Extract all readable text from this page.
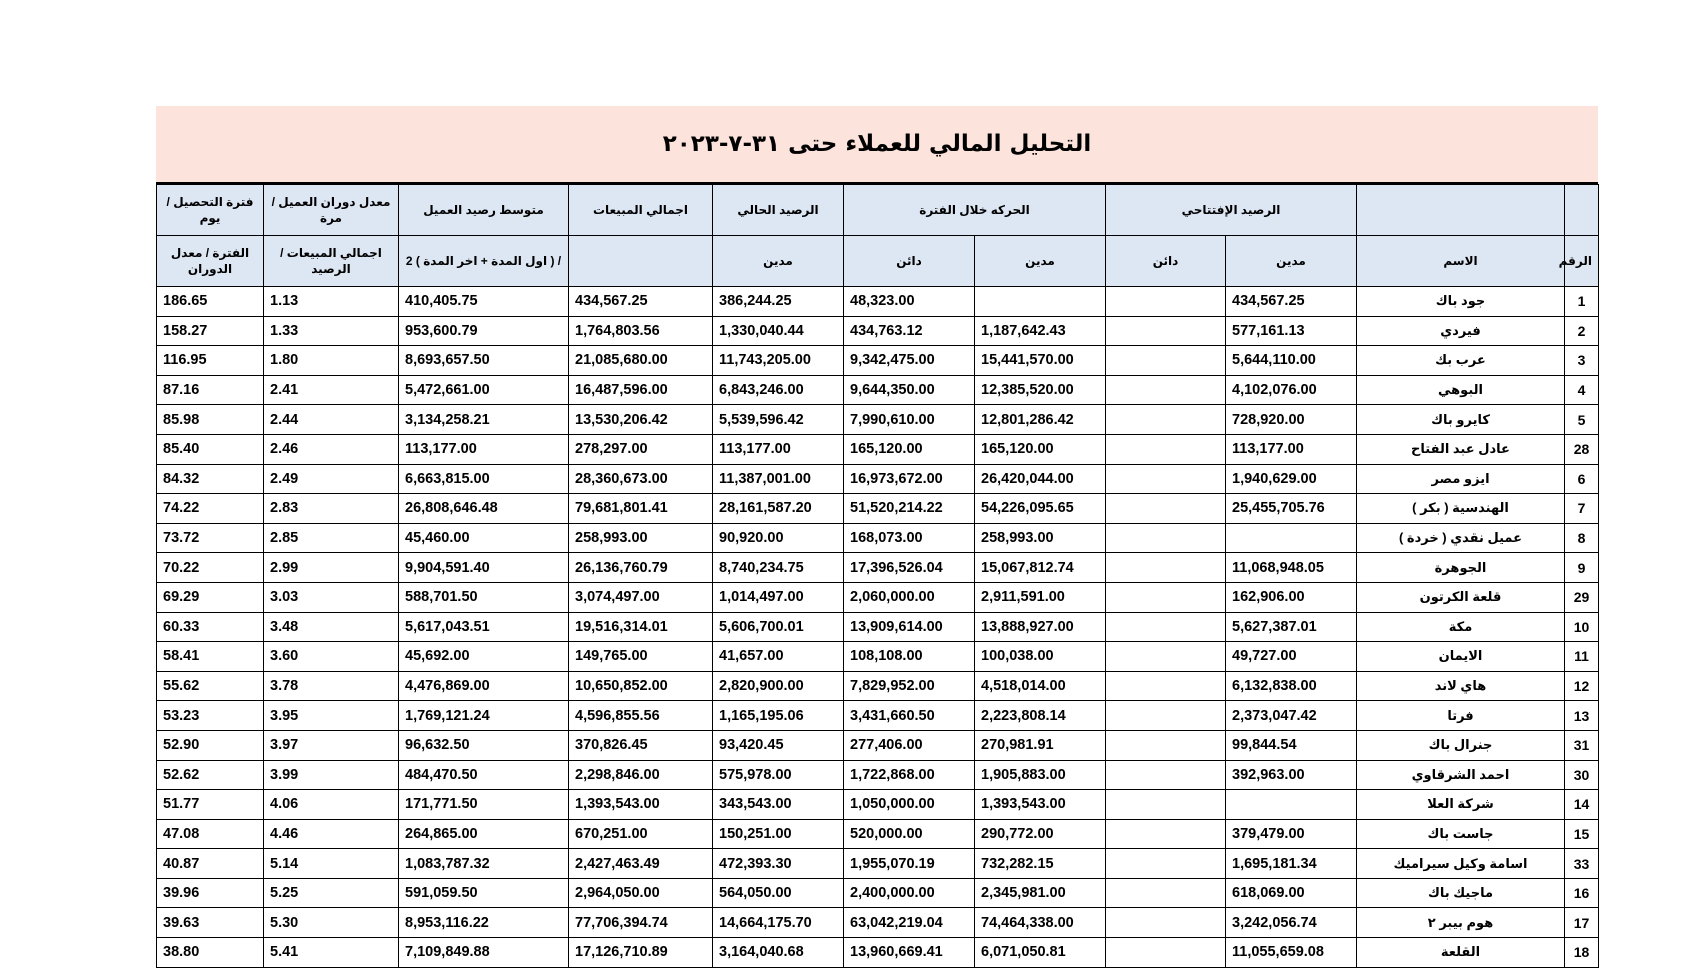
التحليل المالي للعملاء حتى ٣١-٧-٢٠٢٣
		الرصيد الإفتتاحي		الحركه خلال الفترة		الرصيد الحالي	اجمالي المبيعات	متوسط رصيد العميل	معدل دوران العميل / مرة	فترة التحصيل / يوم
الرقم	الاسم	مدين	دائن	مدين	دائن	مدين		/ ( اول المدة + اخر المدة ) 2	اجمالي المبيعات / الرصيد	الفترة / معدل الدوران
1	جود باك	434,567.25			48,323.00	386,244.25	434,567.25	410,405.75	1.13	186.65
2	فيردي	577,161.13		1,187,642.43	434,763.12	1,330,040.44	1,764,803.56	953,600.79	1.33	158.27
3	عرب بك	5,644,110.00		15,441,570.00	9,342,475.00	11,743,205.00	21,085,680.00	8,693,657.50	1.80	116.95
4	البوهي	4,102,076.00		12,385,520.00	9,644,350.00	6,843,246.00	16,487,596.00	5,472,661.00	2.41	87.16
5	كايرو باك	728,920.00		12,801,286.42	7,990,610.00	5,539,596.42	13,530,206.42	3,134,258.21	2.44	85.98
28	عادل عبد الفتاح	113,177.00		165,120.00	165,120.00	113,177.00	278,297.00	113,177.00	2.46	85.40
6	ايزو مصر	1,940,629.00		26,420,044.00	16,973,672.00	11,387,001.00	28,360,673.00	6,663,815.00	2.49	84.32
7	الهندسية ( بكر )	25,455,705.76		54,226,095.65	51,520,214.22	28,161,587.20	79,681,801.41	26,808,646.48	2.83	74.22
8	عميل نقدي ( خردة )			258,993.00	168,073.00	90,920.00	258,993.00	45,460.00	2.85	73.72
9	الجوهرة	11,068,948.05		15,067,812.74	17,396,526.04	8,740,234.75	26,136,760.79	9,904,591.40	2.99	70.22
29	قلعة الكرتون	162,906.00		2,911,591.00	2,060,000.00	1,014,497.00	3,074,497.00	588,701.50	3.03	69.29
10	مكة	5,627,387.01		13,888,927.00	13,909,614.00	5,606,700.01	19,516,314.01	5,617,043.51	3.48	60.33
11	الايمان	49,727.00		100,038.00	108,108.00	41,657.00	149,765.00	45,692.00	3.60	58.41
12	هاي لاند	6,132,838.00		4,518,014.00	7,829,952.00	2,820,900.00	10,650,852.00	4,476,869.00	3.78	55.62
13	فرتا	2,373,047.42		2,223,808.14	3,431,660.50	1,165,195.06	4,596,855.56	1,769,121.24	3.95	53.23
31	جنرال باك	99,844.54		270,981.91	277,406.00	93,420.45	370,826.45	96,632.50	3.97	52.90
30	احمد الشرقاوي	392,963.00		1,905,883.00	1,722,868.00	575,978.00	2,298,846.00	484,470.50	3.99	52.62
14	شركة العلا			1,393,543.00	1,050,000.00	343,543.00	1,393,543.00	171,771.50	4.06	51.77
15	جاست باك	379,479.00		290,772.00	520,000.00	150,251.00	670,251.00	264,865.00	4.46	47.08
33	اسامة وكيل سيراميك	1,695,181.34		732,282.15	1,955,070.19	472,393.30	2,427,463.49	1,083,787.32	5.14	40.87
16	ماجيك باك	618,069.00		2,345,981.00	2,400,000.00	564,050.00	2,964,050.00	591,059.50	5.25	39.96
17	هوم بيبر ٢	3,242,056.74		74,464,338.00	63,042,219.04	14,664,175.70	77,706,394.74	8,953,116.22	5.30	39.63
18	القلعة	11,055,659.08		6,071,050.81	13,960,669.41	3,164,040.68	17,126,710.89	7,109,849.88	5.41	38.80
